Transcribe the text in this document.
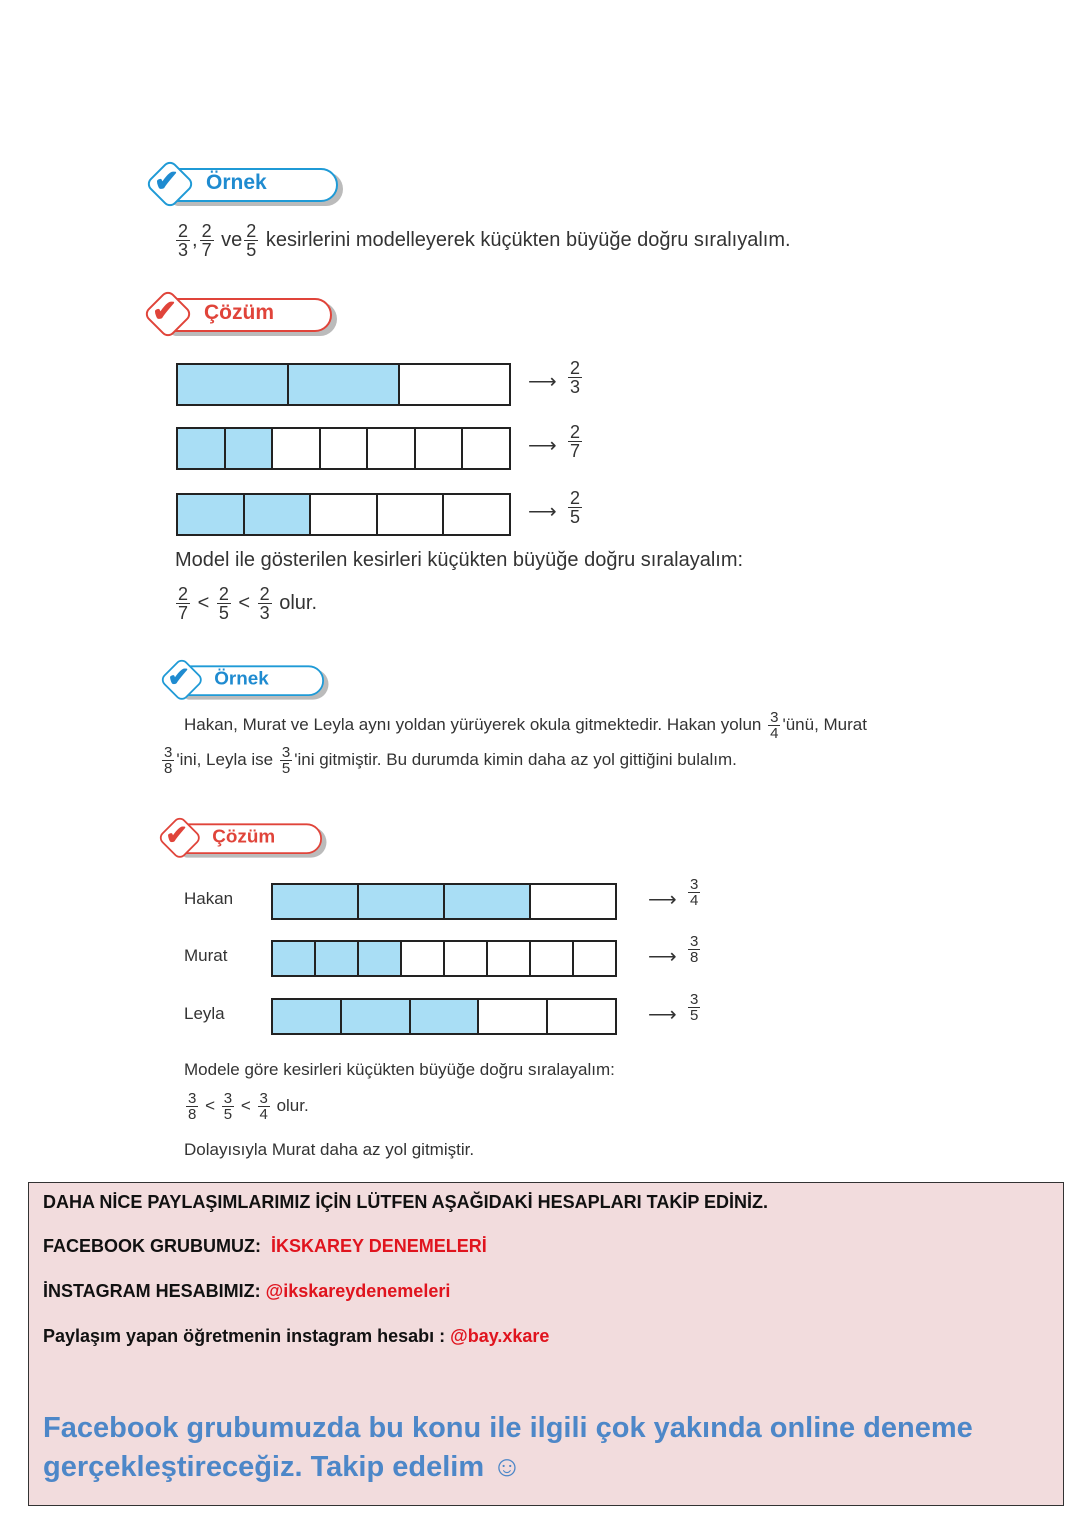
✔ Örnek
$\frac{2}{3}$ , $\frac{2}{7}$ ve $\frac{2}{5}$ kesirlerini modelleyerek küçükten büyüğe doğru sıralıyalım.
✔ Çözüm
⟶ $\frac{2}{3}$
⟶ $\frac{2}{7}$
⟶ $\frac{2}{5}$
Model ile gösterilen kesirleri küçükten büyüğe doğru sıralayalım:
$\frac{2}{7} < \frac{2}{5} < \frac{2}{3}$ olur.
✔ Örnek
Hakan, Murat ve Leyla aynı yoldan yürüyerek okula gitmektedir. Hakan yolun $\frac{3}{4}$ 'ünü, Murat
$\frac{3}{8}$ 'ini, Leyla ise $\frac{3}{5}$ 'ini gitmiştir. Bu durumda kimin daha az yol gittiğini bulalım.
✔ Çözüm
⟶ $\frac{3}{4}$
Hakan
⟶ $\frac{3}{8}$
Murat
⟶ $\frac{3}{5}$
Leyla
Modele göre kesirleri küçükten büyüğe doğru sıralayalım:
$\frac{3}{8} < \frac{3}{5} < \frac{3}{4}$ olur.
Dolayısıyla Murat daha az yol gitmiştir.
DAHA NİCE PAYLAŞIMLARIMIZ İÇİN LÜTFEN AŞAĞIDAKİ HESAPLARI TAKİP EDİNİZ.
FACEBOOK GRUBUMUZ: İKSKAREY DENEMELERİ
İNSTAGRAM HESABIMIZ: @ikskareydenemeleri
Paylaşım yapan öğretmenin instagram hesabı : @bay.xkare
Facebook grubumuzda bu konu ile ilgili çok yakında online deneme gerçekleştireceğiz. Takip edelim ☺
